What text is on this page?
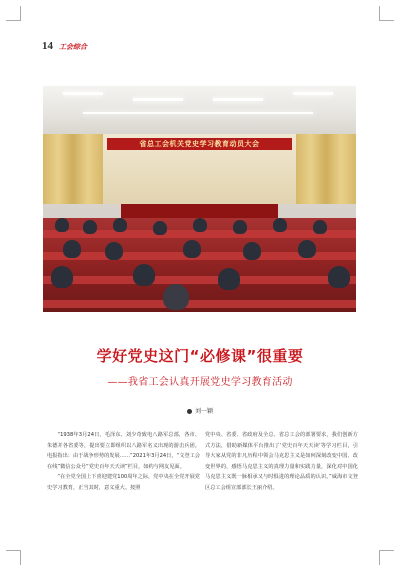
14 工会综合
省总工会机关党史学习教育动员大会
学好党史这门“必修课”很重要
——我省工会认真开展党史学习教育活动
刘一颖

“1938年3月24日，毛泽东、刘少奇致电八路军总部，各市、朱德并各省委等，提出要立即组织以八路军名义出现的游击兵团。电报指出：由于战争形势的发展……”2021年3月24日，“文登工会在线”微信公众号“党史百年天天读”栏目，如约与网友见面。

“在全党全国上下喜迎建党100周年之际，党中央在全党开展党史学习教育，正当其时，意义重大。按照

党中央、省委、省政府及全总、省总工会的部署要求，我们创新方式方法，借助新媒体平台推出了‘党史百年天天读’等学习栏目，引导大家从党的非凡历程中领会马克思主义是如何深刻改变中国、改变世界的，感悟马克思主义的真理力量和实践力量，深化对中国化马克思主义既一脉相承又与时俱进的理论品质的认识。”威海市文登区总工会组宣部部长王丽介绍。
